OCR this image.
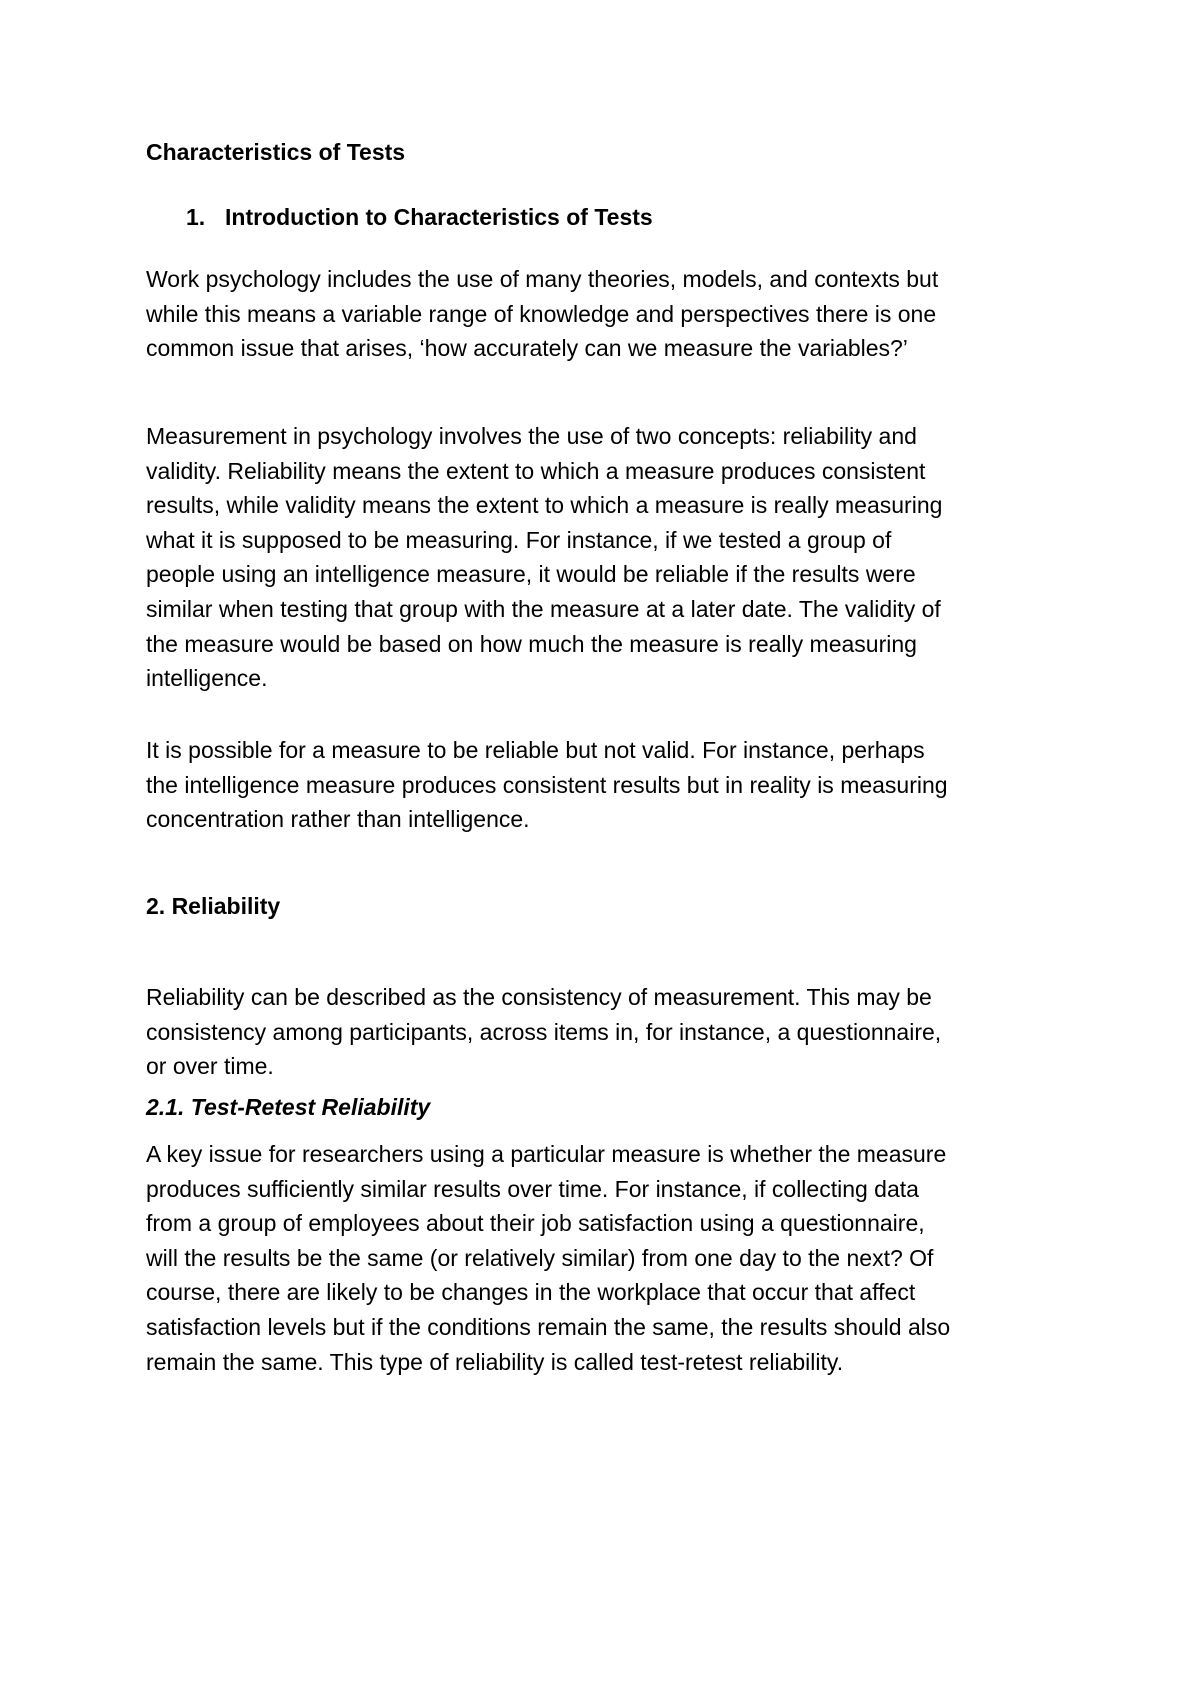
Characteristics of Tests
1. Introduction to Characteristics of Tests
Work psychology includes the use of many theories, models, and contexts but
while this means a variable range of knowledge and perspectives there is one
common issue that arises, ‘how accurately can we measure the variables?’
Measurement in psychology involves the use of two concepts: reliability and
validity. Reliability means the extent to which a measure produces consistent
results, while validity means the extent to which a measure is really measuring
what it is supposed to be measuring. For instance, if we tested a group of
people using an intelligence measure, it would be reliable if the results were
similar when testing that group with the measure at a later date. The validity of
the measure would be based on how much the measure is really measuring
intelligence.
It is possible for a measure to be reliable but not valid. For instance, perhaps
the intelligence measure produces consistent results but in reality is measuring
concentration rather than intelligence.
2. Reliability
Reliability can be described as the consistency of measurement. This may be
consistency among participants, across items in, for instance, a questionnaire,
or over time.
2.1. Test-Retest Reliability
A key issue for researchers using a particular measure is whether the measure
produces sufficiently similar results over time. For instance, if collecting data
from a group of employees about their job satisfaction using a questionnaire,
will the results be the same (or relatively similar) from one day to the next? Of
course, there are likely to be changes in the workplace that occur that affect
satisfaction levels but if the conditions remain the same, the results should also
remain the same. This type of reliability is called test-retest reliability.
